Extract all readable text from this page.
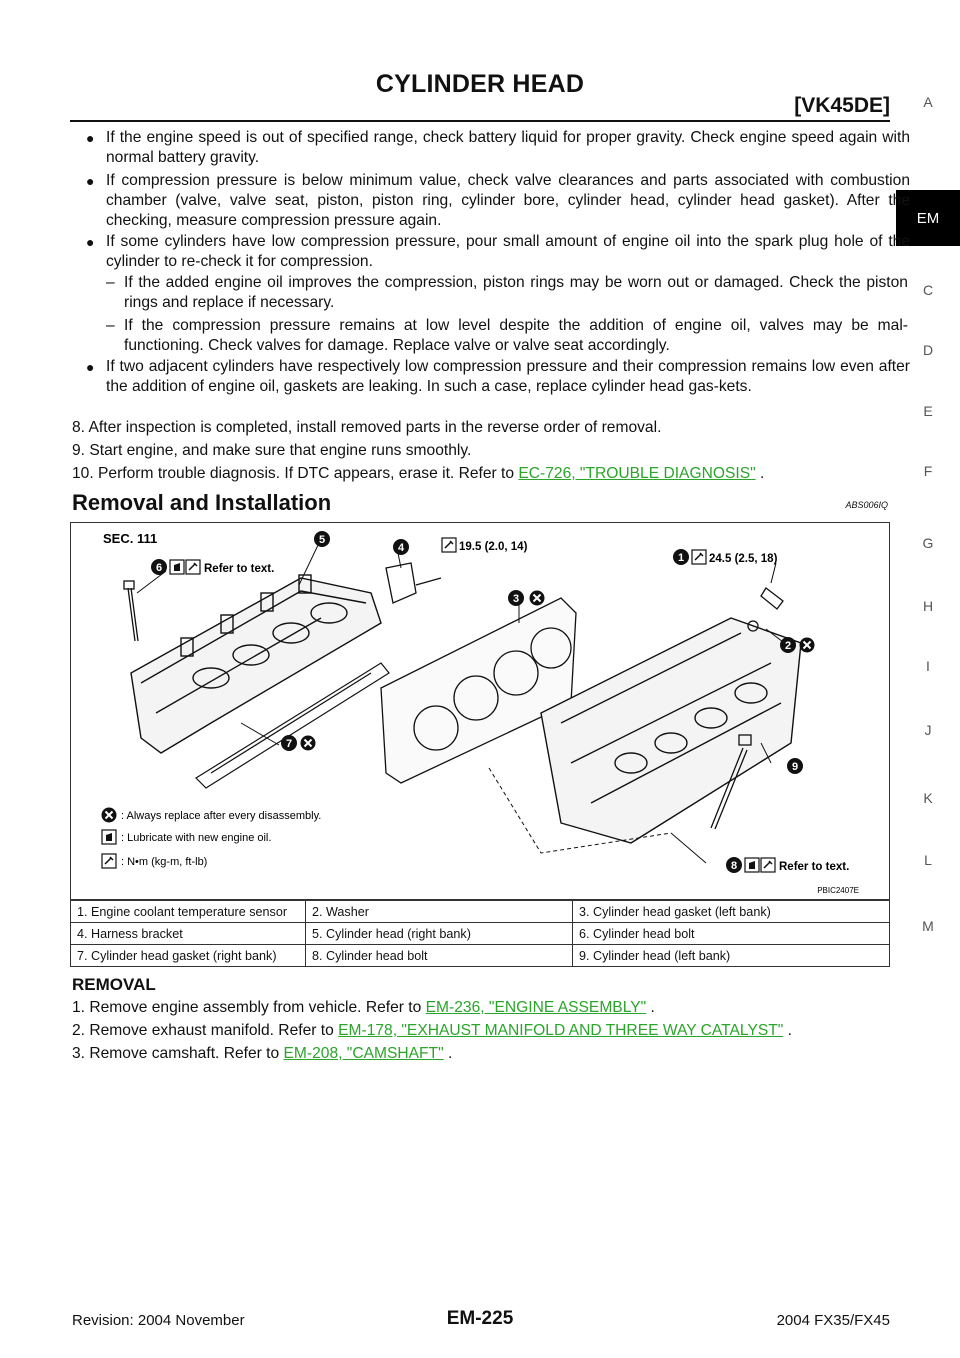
CYLINDER HEAD
[VK45DE]	A
EM
C
D
E
F
G
H
I
J
K
L
M
● If the engine speed is out of specified range, check battery liquid for proper gravity. Check engine speed again with normal battery gravity.
● If compression pressure is below minimum value, check valve clearances and parts associated with combustion chamber (valve, valve seat, piston, piston ring, cylinder bore, cylinder head, cylinder head gasket). After the checking, measure compression pressure again.
● If some cylinders have low compression pressure, pour small amount of engine oil into the spark plug hole of the cylinder to re-check it for compression.
– If the added engine oil improves the compression, piston rings may be worn out or damaged. Check the piston rings and replace if necessary.
– If the compression pressure remains at low level despite the addition of engine oil, valves may be mal-functioning. Check valves for damage. Replace valve or valve seat accordingly.
● If two adjacent cylinders have respectively low compression pressure and their compression remains low even after the addition of engine oil, gaskets are leaking. In such a case, replace cylinder head gas-kets.
8. After inspection is completed, install removed parts in the reverse order of removal.
9. Start engine, and make sure that engine runs smoothly.
10. Perform trouble diagnosis. If DTC appears, erase it. Refer to EC-726, "TROUBLE DIAGNOSIS" .
Removal and Installation	ABS006IQ
SEC. 111
1
2
3
4
5
6
7
8
9
Refer to text.
19.5 (2.0, 14)
24.5 (2.5, 18)
Refer to text.
: Always replace after every disassembly.
: Lubricate with new engine oil.
: N•m (kg-m, ft-lb)
PBIC2407E
1. Engine coolant temperature sensor	2. Washer	3. Cylinder head gasket (left bank)
4. Harness bracket	5. Cylinder head (right bank)	6. Cylinder head bolt
7. Cylinder head gasket (right bank)	8. Cylinder head bolt	9. Cylinder head (left bank)
REMOVAL
1. Remove engine assembly from vehicle. Refer to EM-236, "ENGINE ASSEMBLY" .
2. Remove exhaust manifold. Refer to EM-178, "EXHAUST MANIFOLD AND THREE WAY CATALYST" .
3. Remove camshaft. Refer to EM-208, "CAMSHAFT" .
Revision: 2004 November	EM-225	2004 FX35/FX45
